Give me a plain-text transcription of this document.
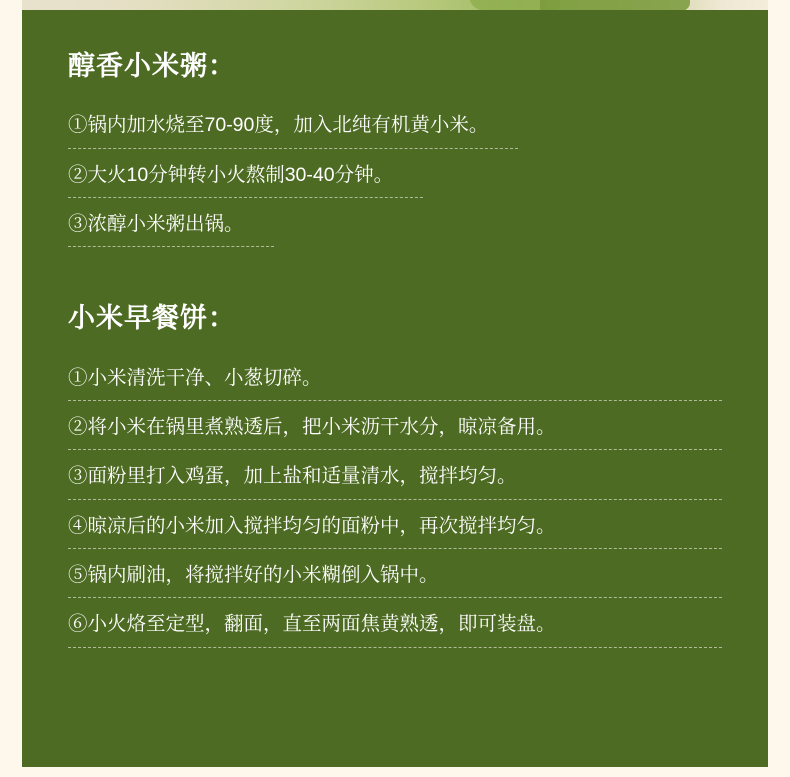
醇香小米粥：
①锅内加水烧至70-90度，加入北纯有机黄小米。
②大火10分钟转小火熬制30-40分钟。
③浓醇小米粥出锅。
小米早餐饼：
①小米清洗干净、小葱切碎。
②将小米在锅里煮熟透后，把小米沥干水分，晾凉备用。
③面粉里打入鸡蛋，加上盐和适量清水，搅拌均匀。
④晾凉后的小米加入搅拌均匀的面粉中，再次搅拌均匀。
⑤锅内刷油，将搅拌好的小米糊倒入锅中。
⑥小火烙至定型，翻面，直至两面焦黄熟透，即可装盘。
